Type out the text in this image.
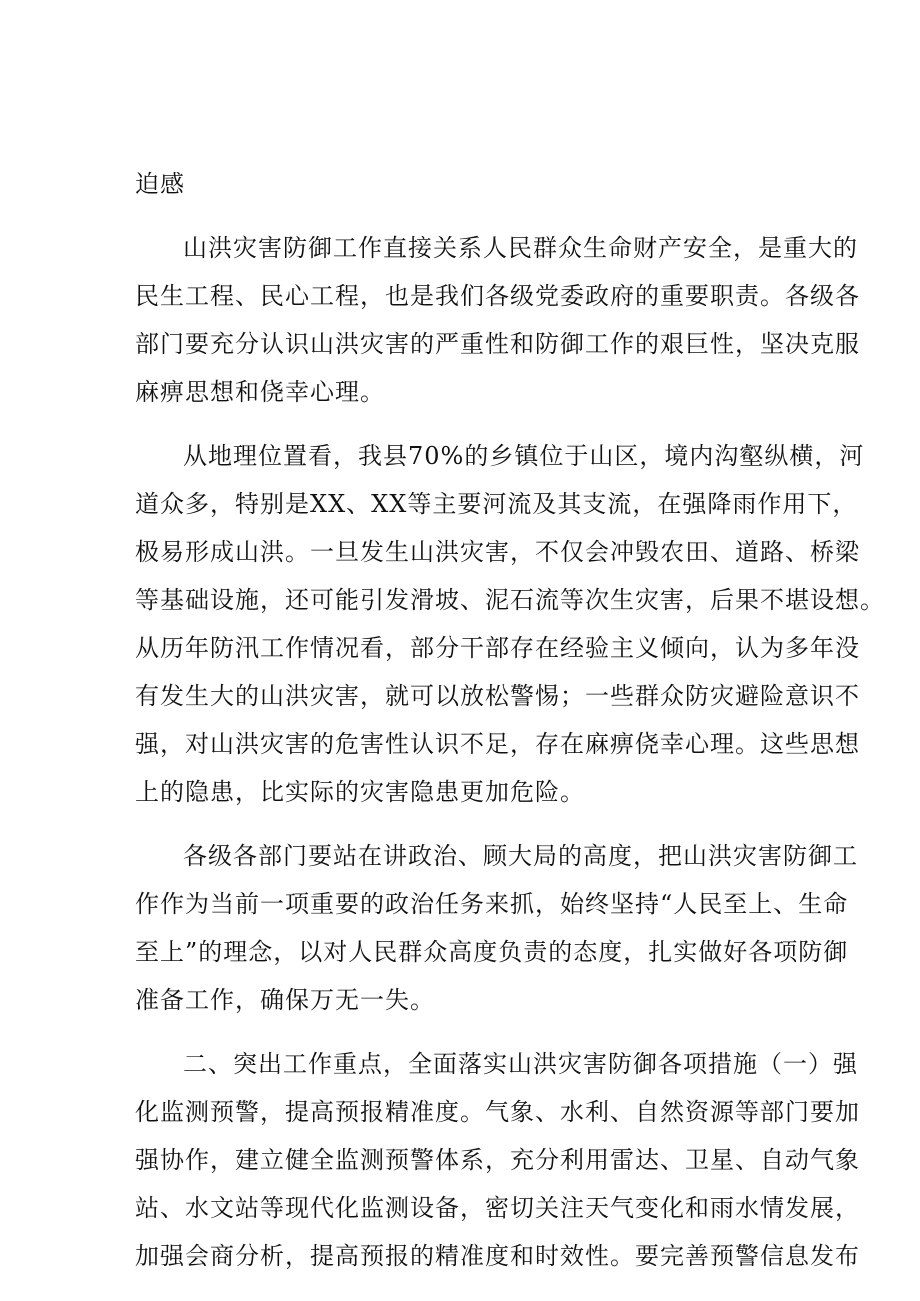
迫感
山洪灾害防御工作直接关系人民群众生命财产安全，是重大的
民生工程、民心工程，也是我们各级党委政府的重要职责。各级各
部门要充分认识山洪灾害的严重性和防御工作的艰巨性，坚决克服
麻痹思想和侥幸心理。
从地理位置看，我县70%的乡镇位于山区，境内沟壑纵横，河
道众多，特别是XX、XX等主要河流及其支流，在强降雨作用下，
极易形成山洪。一旦发生山洪灾害，不仅会冲毁农田、道路、桥梁
等基础设施，还可能引发滑坡、泥石流等次生灾害，后果不堪设想。
从历年防汛工作情况看，部分干部存在经验主义倾向，认为多年没
有发生大的山洪灾害，就可以放松警惕；一些群众防灾避险意识不
强，对山洪灾害的危害性认识不足，存在麻痹侥幸心理。这些思想
上的隐患，比实际的灾害隐患更加危险。
各级各部门要站在讲政治、顾大局的高度，把山洪灾害防御工
作作为当前一项重要的政治任务来抓，始终坚持“人民至上、生命
至上”的理念，以对人民群众高度负责的态度，扎实做好各项防御
准备工作，确保万无一失。
二、突出工作重点，全面落实山洪灾害防御各项措施（一）强
化监测预警，提高预报精准度。气象、水利、自然资源等部门要加
强协作，建立健全监测预警体系，充分利用雷达、卫星、自动气象
站、水文站等现代化监测设备，密切关注天气变化和雨水情发展，
加强会商分析，提高预报的精准度和时效性。要完善预警信息发布
